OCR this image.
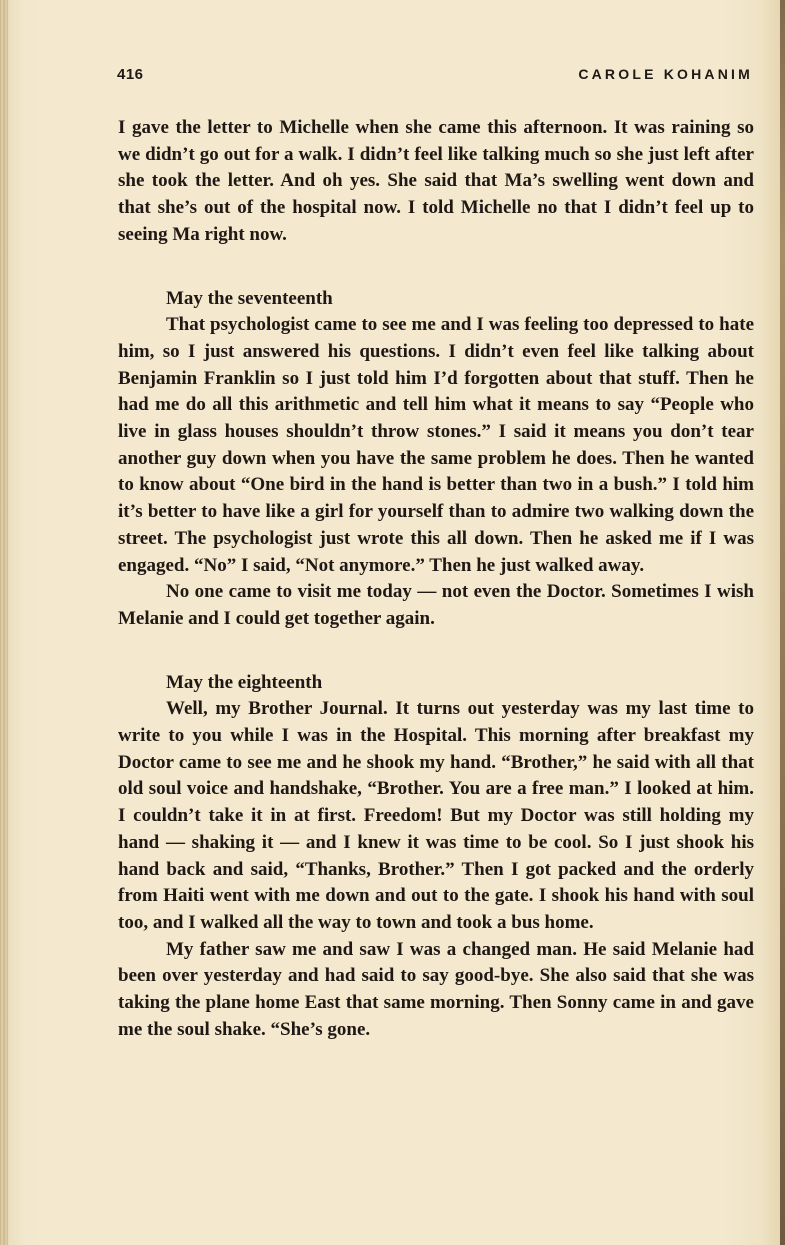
416	CAROLE KOHANIM

I gave the letter to Michelle when she came this afternoon. It was raining so we didn’t go out for a walk. I didn’t feel like talking much so she just left after she took the letter. And oh yes. She said that Ma’s swelling went down and that she’s out of the hospital now. I told Michelle no that I didn’t feel up to seeing Ma right now.

May the seventeenth

That psychologist came to see me and I was feeling too depressed to hate him, so I just answered his questions. I didn’t even feel like talking about Benjamin Franklin so I just told him I’d forgotten about that stuff. Then he had me do all this arithmetic and tell him what it means to say “People who live in glass houses shouldn’t throw stones.” I said it means you don’t tear another guy down when you have the same problem he does. Then he wanted to know about “One bird in the hand is better than two in a bush.” I told him it’s better to have like a girl for yourself than to admire two walking down the street. The psychologist just wrote this all down. Then he asked me if I was engaged. “No” I said, “Not anymore.” Then he just walked away.

No one came to visit me today — not even the Doctor. Sometimes I wish Melanie and I could get together again.

May the eighteenth

Well, my Brother Journal. It turns out yesterday was my last time to write to you while I was in the Hospital. This morning after breakfast my Doctor came to see me and he shook my hand. “Brother,” he said with all that old soul voice and handshake, “Brother. You are a free man.” I looked at him. I couldn’t take it in at first. Freedom! But my Doctor was still holding my hand — shaking it — and I knew it was time to be cool. So I just shook his hand back and said, “Thanks, Brother.” Then I got packed and the orderly from Haiti went with me down and out to the gate. I shook his hand with soul too, and I walked all the way to town and took a bus home.

My father saw me and saw I was a changed man. He said Melanie had been over yesterday and had said to say good-bye. She also said that she was taking the plane home East that same morning. Then Sonny came in and gave me the soul shake. “She’s gone.
